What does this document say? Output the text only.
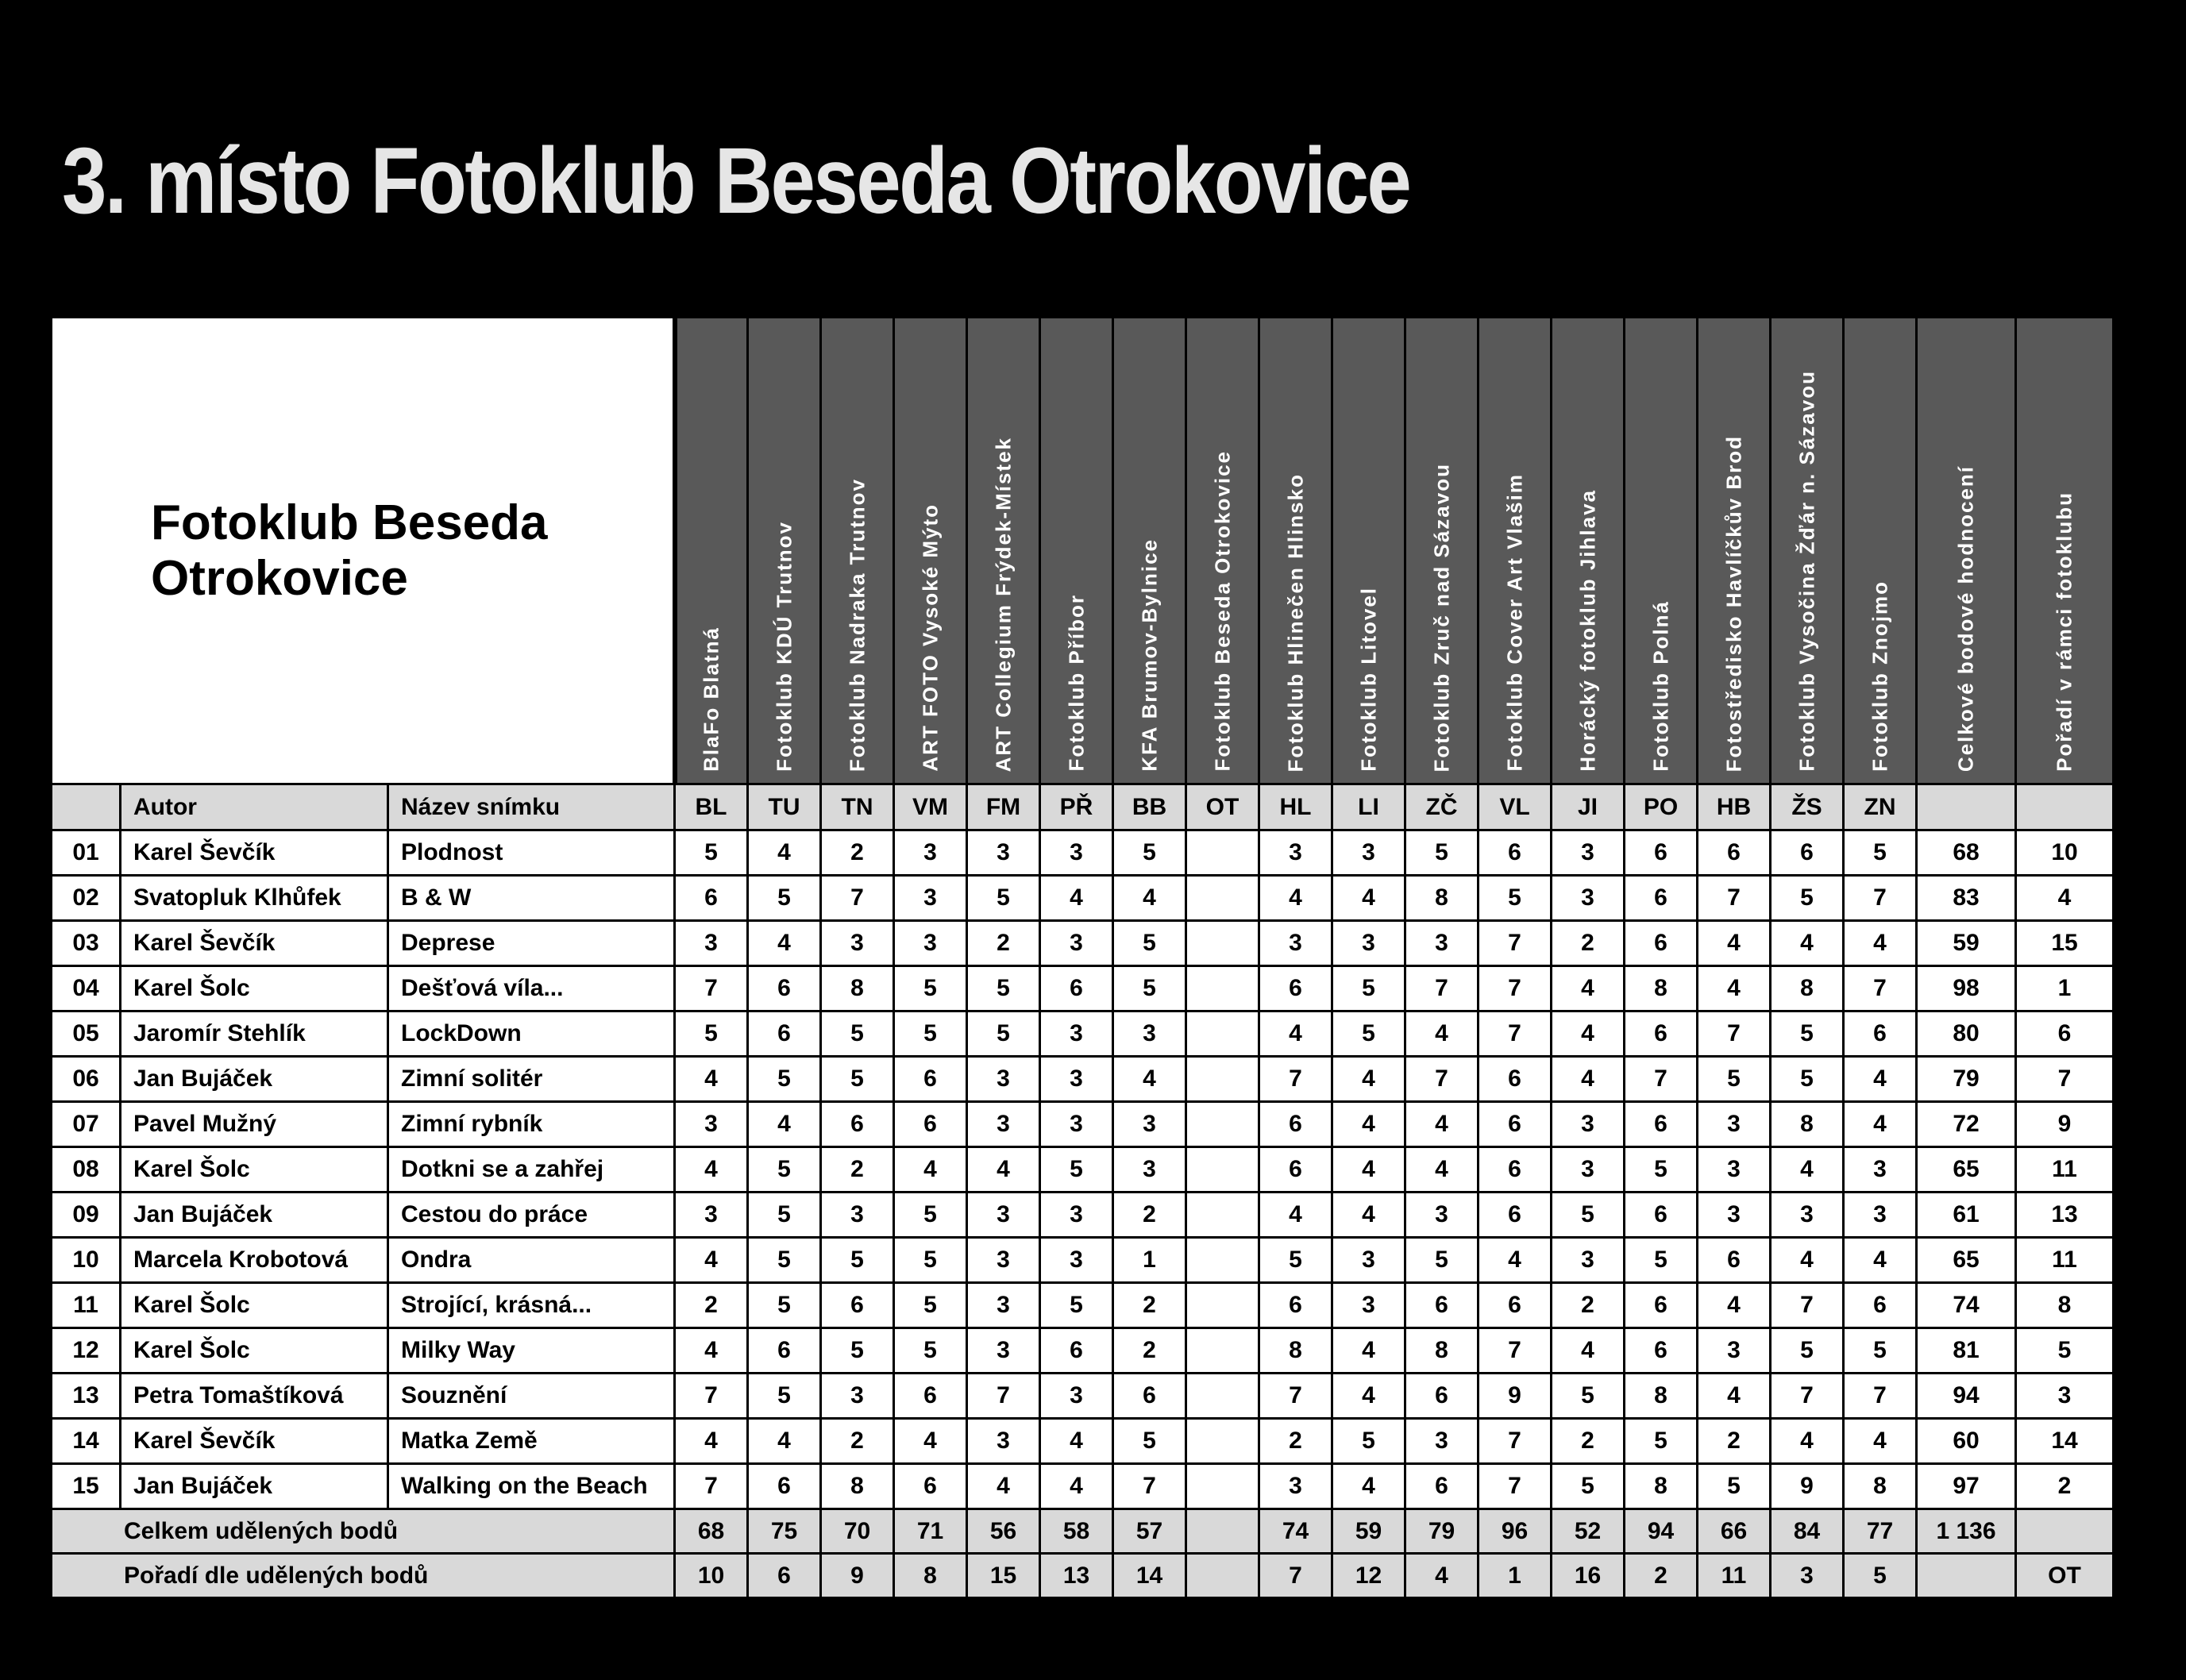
3. místo Fotoklub Beseda Otrokovice
Fotoklub Beseda Otrokovice			BlaFo Blatná	Fotoklub KDÚ Trutnov	Fotoklub Nadraka Trutnov	ART FOTO Vysoké Mýto	ART Collegium Frýdek-Místek	Fotoklub Příbor	KFA Brumov-Bylnice	Fotoklub Beseda Otrokovice	Fotoklub Hlinečen Hlinsko	Fotoklub Litovel	Fotoklub Zruč nad Sázavou	Fotoklub Cover Art Vlašim	Horácký fotoklub Jihlava	Fotoklub Polná	Fotostředisko Havlíčkův Brod	Fotoklub Vysočina Žďár n. Sázavou	Fotoklub Znojmo	Celkové bodové hodnocení	Pořadí v rámci fotoklubu

	Autor	Název snímku	BL	TU	TN	VM	FM	PŘ	BB	OT	HL	LI	ZČ	VL	JI	PO	HB	ŽS	ZN		
01	Karel Ševčík	Plodnost	5	4	2	3	3	3	5		3	3	5	6	3	6	6	6	5	68	10
02	Svatopluk Klhůfek	B & W	6	5	7	3	5	4	4		4	4	8	5	3	6	7	5	7	83	4
03	Karel Ševčík	Deprese	3	4	3	3	2	3	5		3	3	3	7	2	6	4	4	4	59	15
04	Karel Šolc	Dešťová víla...	7	6	8	5	5	6	5		6	5	7	7	4	8	4	8	7	98	1
05	Jaromír Stehlík	LockDown	5	6	5	5	5	3	3		4	5	4	7	4	6	7	5	6	80	6
06	Jan Bujáček	Zimní solitér	4	5	5	6	3	3	4		7	4	7	6	4	7	5	5	4	79	7
07	Pavel Mužný	Zimní rybník	3	4	6	6	3	3	3		6	4	4	6	3	6	3	8	4	72	9
08	Karel Šolc	Dotkni se a zahřej	4	5	2	4	4	5	3		6	4	4	6	3	5	3	4	3	65	11
09	Jan Bujáček	Cestou do práce	3	5	3	5	3	3	2		4	4	3	6	5	6	3	3	3	61	13
10	Marcela Krobotová	Ondra	4	5	5	5	3	3	1		5	3	5	4	3	5	6	4	4	65	11
11	Karel Šolc	Strojící, krásná...	2	5	6	5	3	5	2		6	3	6	6	2	6	4	7	6	74	8
12	Karel Šolc	Milky Way	4	6	5	5	3	6	2		8	4	8	7	4	6	3	5	5	81	5
13	Petra Tomaštíková	Souznění	7	5	3	6	7	3	6		7	4	6	9	5	8	4	7	7	94	3
14	Karel Ševčík	Matka Země	4	4	2	4	3	4	5		2	5	3	7	2	5	2	4	4	60	14
15	Jan Bujáček	Walking on the Beach	7	6	8	6	4	4	7		3	4	6	7	5	8	5	9	8	97	2
Celkem udělených bodů			68	75	70	71	56	58	57		74	59	79	96	52	94	66	84	77	1 136	
Pořadí dle udělených bodů			10	6	9	8	15	13	14		7	12	4	1	16	2	11	3	5		OT
